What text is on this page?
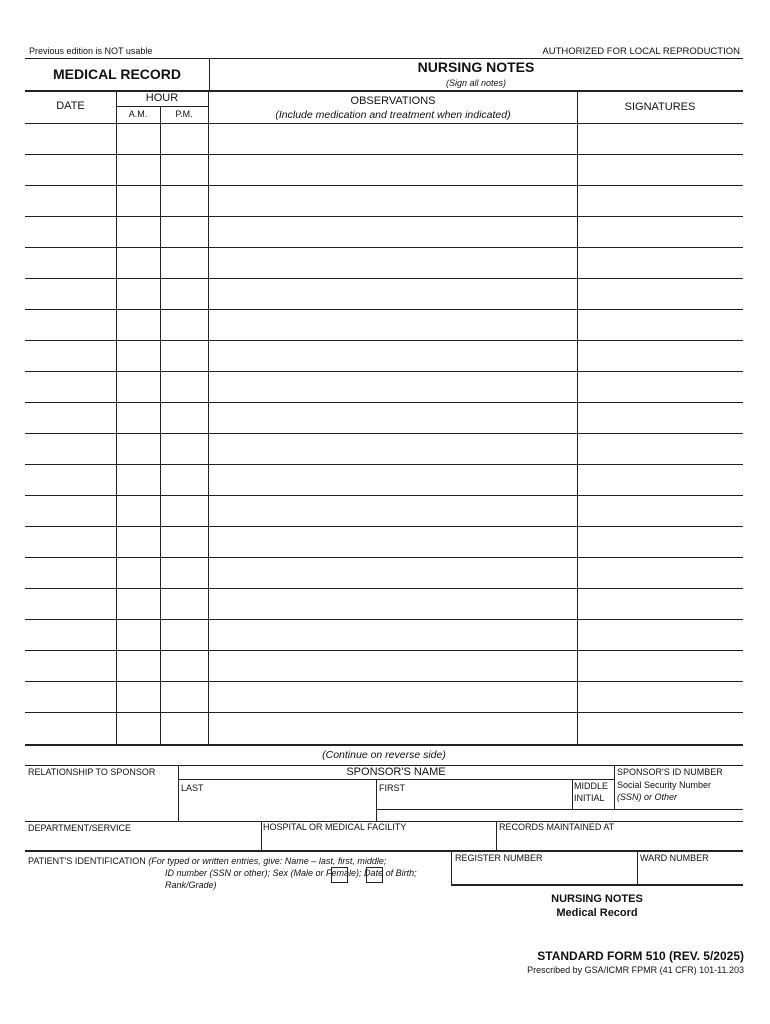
Previous edition is NOT usable	AUTHORIZED FOR LOCAL REPRODUCTION
MEDICAL RECORD	NURSING NOTES
(Sign all notes)
DATE
HOUR
A.M.	P.M.
OBSERVATIONS
(Include medication and treatment when indicated)
SIGNATURES
(Continue on reverse side)
RELATIONSHIP TO SPONSOR	SPONSOR'S NAME
LAST	FIRST	MIDDLE
INITIAL
SPONSOR'S ID NUMBER
Social Security Number
(SSN) or Other
DEPARTMENT/SERVICE	HOSPITAL OR MEDICAL FACILITY	RECORDS MAINTAINED AT
PATIENT'S IDENTIFICATION (For typed or written entries, give: Name – last, first, middle;
ID number (SSN or other); Sex (Male or Female); Date of Birth;
Rank/Grade)
REGISTER NUMBER	WARD NUMBER
NURSING NOTES
Medical Record
STANDARD FORM 510 (REV. 5/2025)
Prescribed by GSA/ICMR FPMR (41 CFR) 101-11.203
